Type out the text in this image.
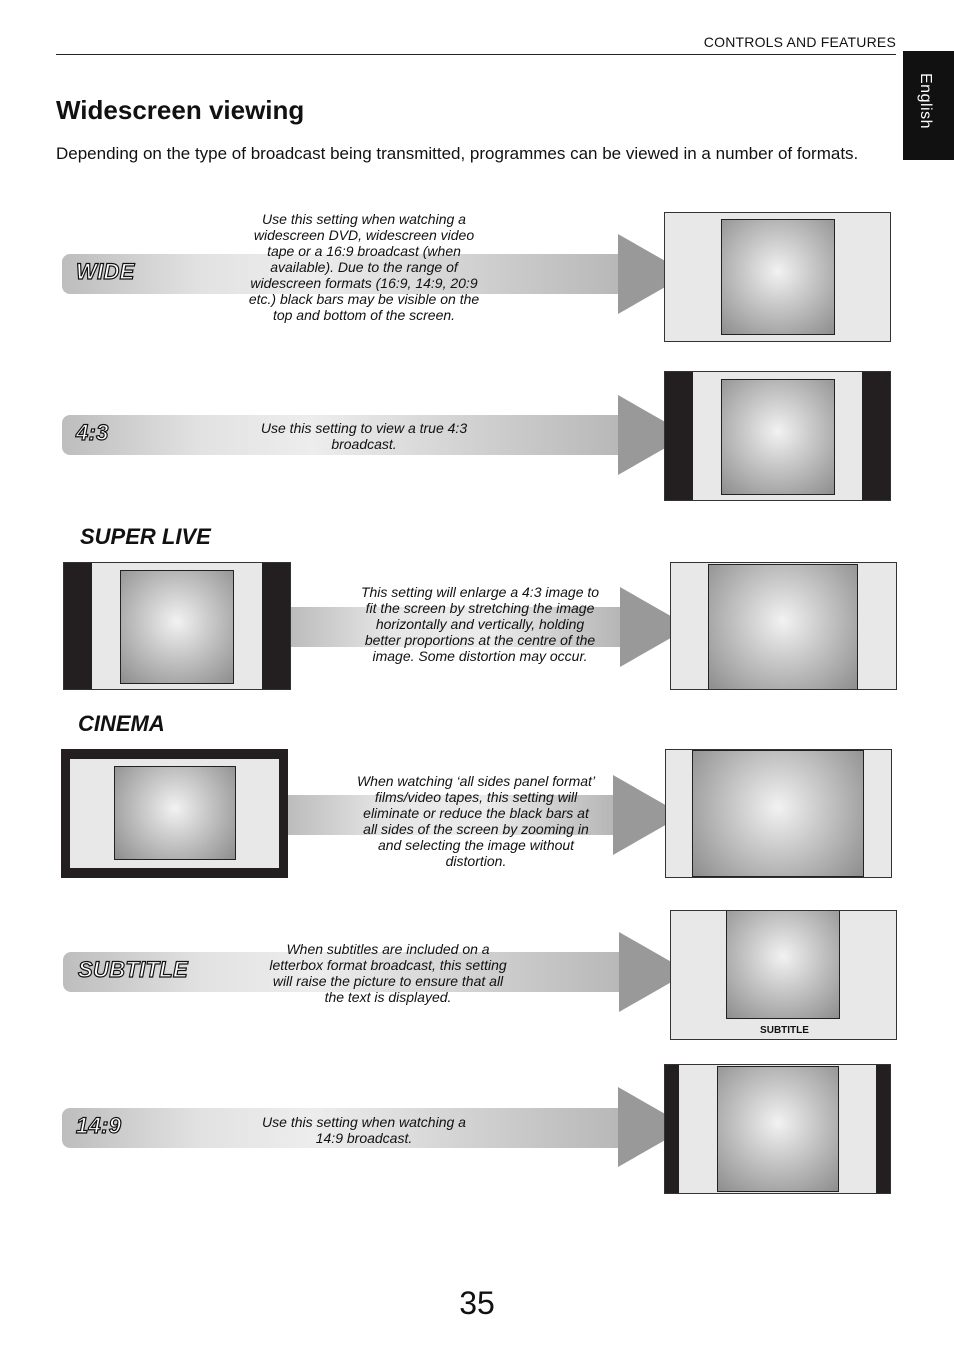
CONTROLS AND FEATURES
English
Widescreen viewing
Depending on the type of broadcast being transmitted, programmes can be viewed in a number of formats.
WIDE
Use this setting when watching a widescreen DVD, widescreen video tape or a 16:9 broadcast (when available). Due to the range of widescreen formats (16:9, 14:9, 20:9 etc.) black bars may be visible on the top and bottom of the screen.
4:3	Use this setting to view a true 4:3 broadcast.
SUPER LIVE
This setting will enlarge a 4:3 image to fit the screen by stretching the image horizontally and vertically, holding better proportions at the centre of the image. Some distortion may occur.
CINEMA
When watching ‘all sides panel format’ films/video tapes, this setting will eliminate or reduce the black bars at all sides of the screen by zooming in and selecting the image without distortion.
SUBTITLE
When subtitles are included on a letterbox format broadcast, this setting will raise the picture to ensure that all the text is displayed.
SUBTITLE
14:9	Use this setting when watching a 14:9 broadcast.
35
